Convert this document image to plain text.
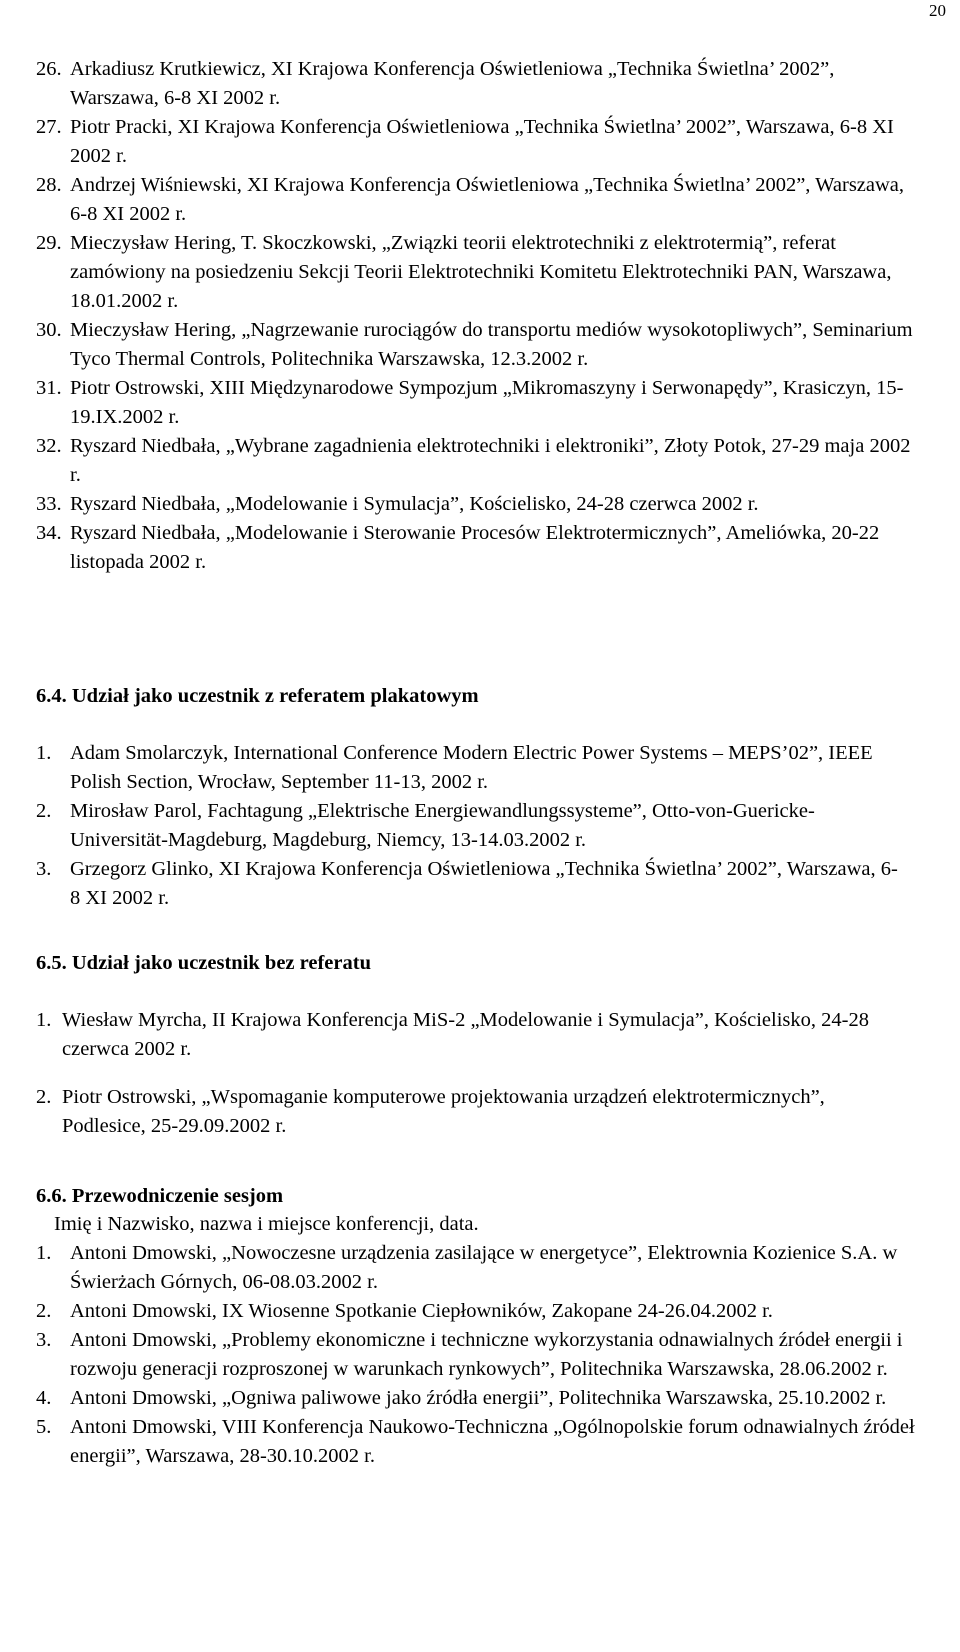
20
26. Arkadiusz Krutkiewicz, XI Krajowa Konferencja Oświetleniowa „Technika Świetlna’ 2002”, Warszawa, 6-8 XI 2002 r.
27. Piotr Pracki, XI Krajowa Konferencja Oświetleniowa „Technika Świetlna’ 2002”, Warszawa, 6-8 XI 2002 r.
28. Andrzej Wiśniewski, XI Krajowa Konferencja Oświetleniowa „Technika Świetlna’ 2002”, Warszawa, 6-8 XI 2002 r.
29. Mieczysław Hering, T. Skoczkowski, „Związki teorii elektrotechniki z elektrotermią”, referat zamówiony na posiedzeniu Sekcji Teorii Elektrotechniki Komitetu Elektrotechniki PAN, Warszawa, 18.01.2002 r.
30. Mieczysław Hering, „Nagrzewanie rurociągów do transportu mediów wysokotopliwych”, Seminarium Tyco Thermal Controls, Politechnika Warszawska, 12.3.2002 r.
31. Piotr Ostrowski, XIII Międzynarodowe Sympozjum „Mikromaszyny i Serwonapędy”, Krasiczyn, 15-19.IX.2002 r.
32. Ryszard Niedbała, „Wybrane zagadnienia elektrotechniki i elektroniki”, Złoty Potok, 27-29 maja 2002 r.
33. Ryszard Niedbała, „Modelowanie i Symulacja”, Kościelisko, 24-28 czerwca 2002 r.
34. Ryszard Niedbała, „Modelowanie i Sterowanie Procesów Elektrotermicznych”, Ameliówka, 20-22 listopada 2002 r.
6.4. Udział jako uczestnik z referatem plakatowym
1. Adam Smolarczyk, International Conference Modern Electric Power Systems – MEPS’02”, IEEE Polish Section, Wrocław, September 11-13, 2002 r.
2. Mirosław Parol, Fachtagung „Elektrische Energiewandlungssysteme”, Otto-von-Guericke-Universität-Magdeburg, Magdeburg, Niemcy, 13-14.03.2002 r.
3. Grzegorz Glinko, XI Krajowa Konferencja Oświetleniowa „Technika Świetlna’ 2002”, Warszawa, 6-8 XI 2002 r.
6.5. Udział jako uczestnik bez referatu
1. Wiesław Myrcha, II Krajowa Konferencja MiS-2 „Modelowanie i Symulacja”, Kościelisko, 24-28 czerwca 2002 r.
2. Piotr Ostrowski, „Wspomaganie komputerowe projektowania urządzeń elektrotermicznych”, Podlesice, 25-29.09.2002 r.
6.6. Przewodniczenie sesjom
Imię i Nazwisko, nazwa i miejsce konferencji, data.
1. Antoni Dmowski, „Nowoczesne urządzenia zasilające w energetyce”, Elektrownia Kozienice S.A. w Świerżach Górnych, 06-08.03.2002 r.
2. Antoni Dmowski, IX Wiosenne Spotkanie Ciepłowników, Zakopane 24-26.04.2002 r.
3. Antoni Dmowski, „Problemy ekonomiczne i techniczne wykorzystania odnawialnych źródeł energii i rozwoju generacji rozproszonej w warunkach rynkowych”, Politechnika Warszawska, 28.06.2002 r.
4. Antoni Dmowski, „Ogniwa paliwowe jako źródła energii”, Politechnika Warszawska, 25.10.2002 r.
5. Antoni Dmowski, VIII Konferencja Naukowo-Techniczna „Ogólnopolskie forum odnawialnych źródeł energii”, Warszawa, 28-30.10.2002 r.
